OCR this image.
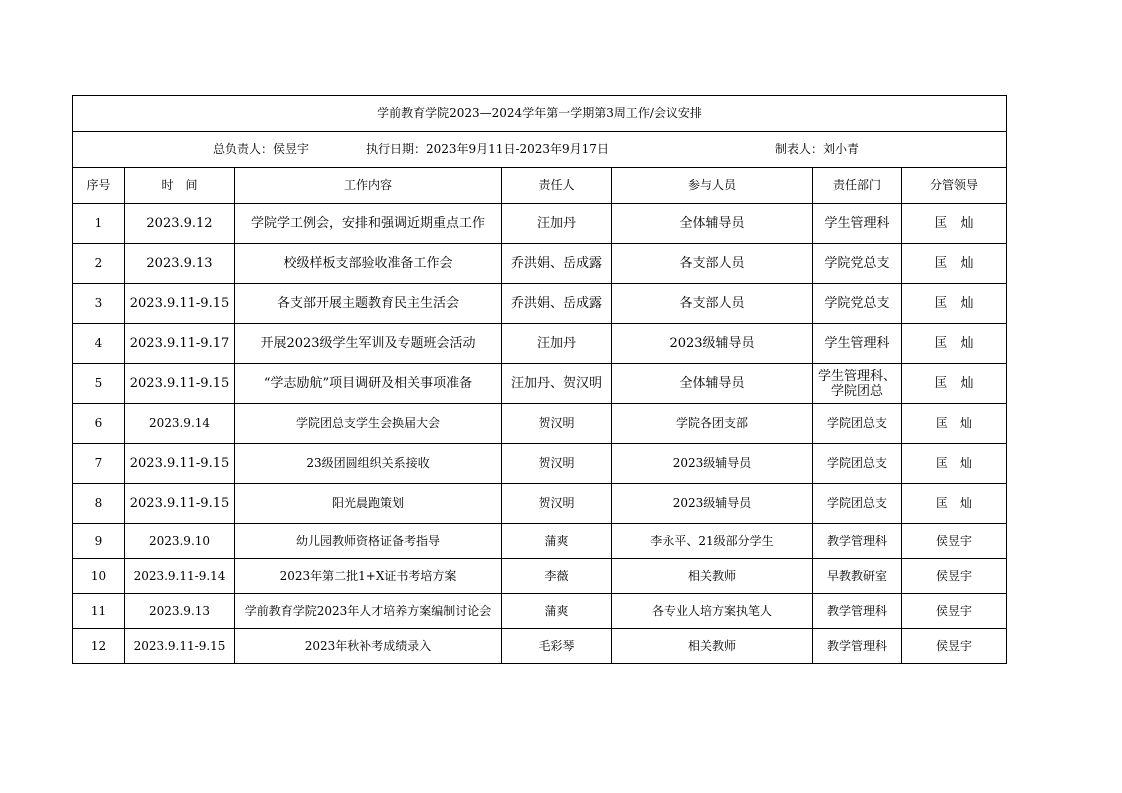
学前教育学院2023—2024学年第一学期第3周工作/会议安排						

总负责人：侯昱宇 执行日期：2023年9月11日-2023年9月17日 制表人：刘小青						

序号	时　间	工作内容	责任人	参与人员	责任部门	分管领导
1	2023.9.12	学院学工例会，安排和强调近期重点工作	汪加丹	全体辅导员	学生管理科	匡　灿
2	2023.9.13	校级样板支部验收准备工作会	乔洪娟、岳成露	各支部人员	学院党总支	匡　灿
3	2023.9.11-9.15	各支部开展主题教育民主生活会	乔洪娟、岳成露	各支部人员	学院党总支	匡　灿
4	2023.9.11-9.17	开展2023级学生军训及专题班会活动	汪加丹	2023级辅导员	学生管理科	匡　灿
5	2023.9.11-9.15	“学志励航”项目调研及相关事项准备	汪加丹、贺汉明	全体辅导员	学生管理科、学院团总	匡　灿
6	2023.9.14	学院团总支学生会换届大会	贺汉明	学院各团支部	学院团总支	匡　灿
7	2023.9.11-9.15	23级团圆组织关系接收	贺汉明	2023级辅导员	学院团总支	匡　灿
8	2023.9.11-9.15	阳光晨跑策划	贺汉明	2023级辅导员	学院团总支	匡　灿
9	2023.9.10	幼儿园教师资格证备考指导	蒲爽	李永平、21级部分学生	教学管理科	侯昱宇
10	2023.9.11-9.14	2023年第二批1+X证书考培方案	李薇	相关教师	早教教研室	侯昱宇
11	2023.9.13	学前教育学院2023年人才培养方案编制讨论会	蒲爽	各专业人培方案执笔人	教学管理科	侯昱宇
12	2023.9.11-9.15	2023年秋补考成绩录入	毛彩琴	相关教师	教学管理科	侯昱宇
